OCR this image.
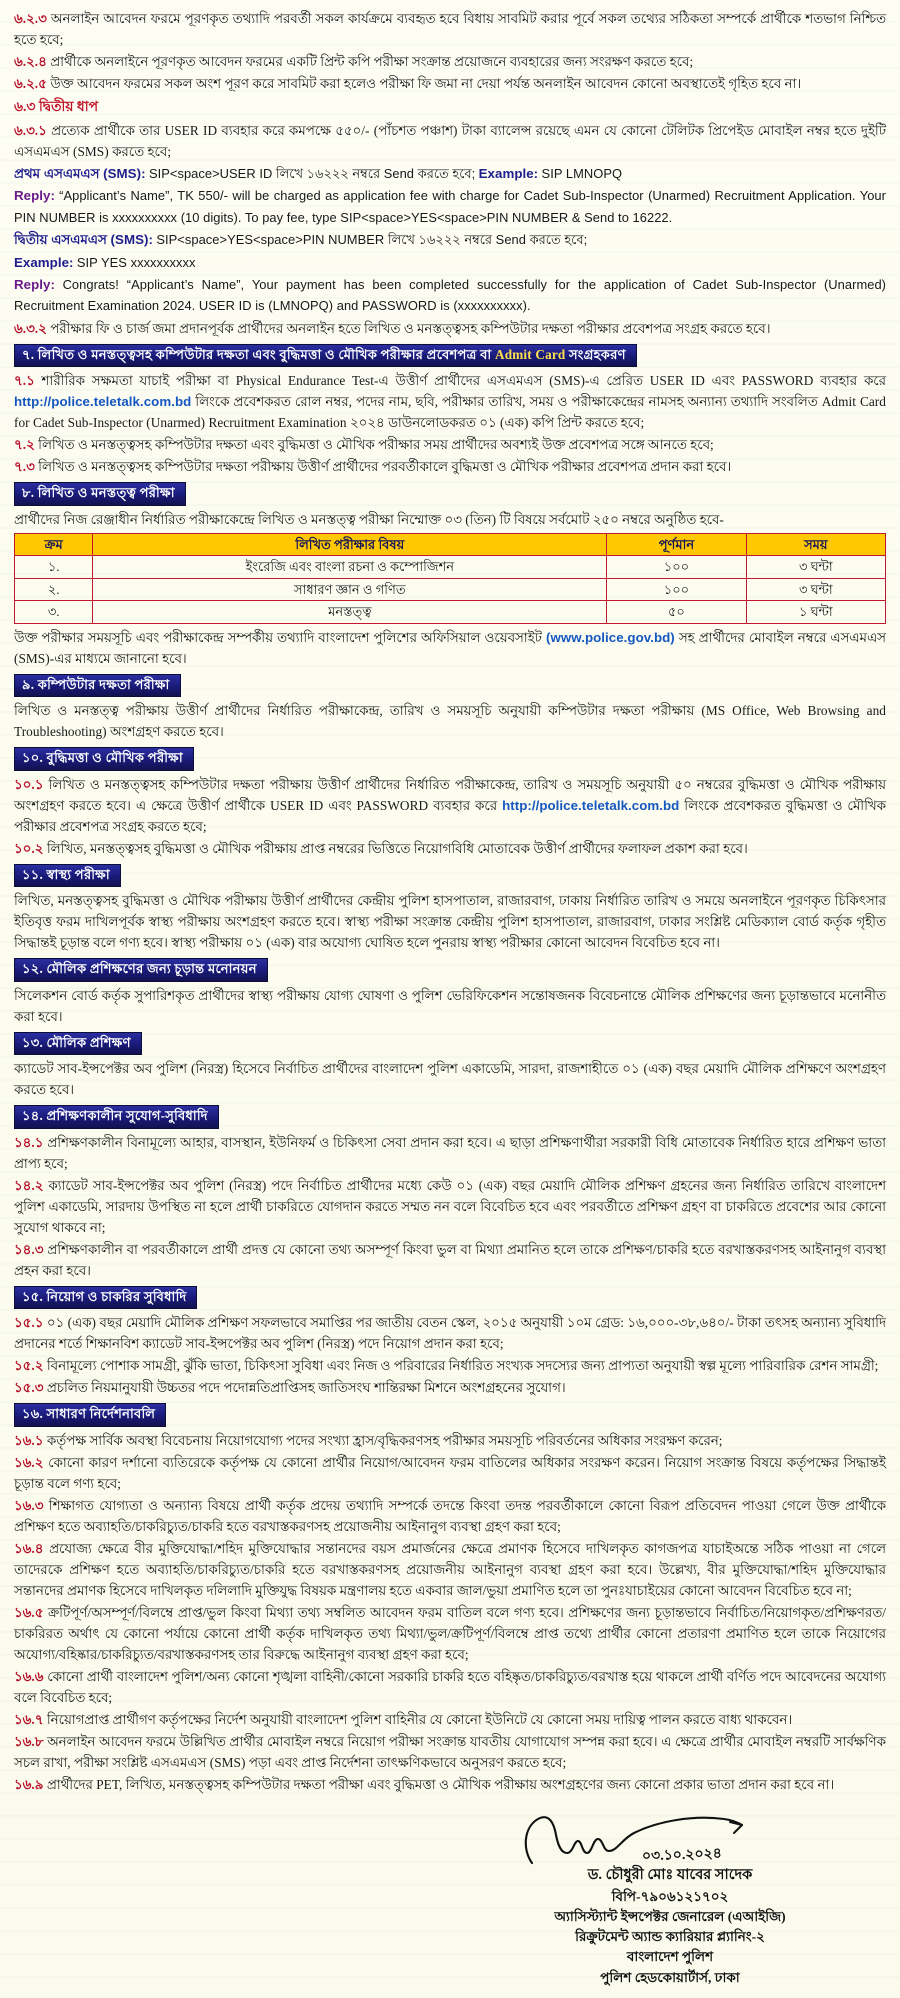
৬.২.৩ অনলাইন আবেদন ফরমে পূরণকৃত তথ্যাদি পরবর্তী সকল কার্যক্রমে ব্যবহৃত হবে বিধায় সাবমিট করার পূর্বে সকল তথ্যের সঠিকতা সম্পর্কে প্রার্থীকে শতভাগ নিশ্চিত হতে হবে;

৬.২.৪ প্রার্থীকে অনলাইনে পূরণকৃত আবেদন ফরমের একটি প্রিন্ট কপি পরীক্ষা সংক্রান্ত প্রয়োজনে ব্যবহারের জন্য সংরক্ষণ করতে হবে;

৬.২.৫ উক্ত আবেদন ফরমের সকল অংশ পূরণ করে সাবমিট করা হলেও পরীক্ষা ফি জমা না দেয়া পর্যন্ত অনলাইন আবেদন কোনো অবস্থাতেই গৃহিত হবে না।

৬.৩ দ্বিতীয় ধাপ

৬.৩.১ প্রত্যেক প্রার্থীকে তার USER ID ব্যবহার করে কমপক্ষে ৫৫০/- (পাঁচশত পঞ্চাশ) টাকা ব্যালেন্স রয়েছে এমন যে কোনো টেলিটক প্রিপেইড মোবাইল নম্বর হতে দুইটি এসএমএস (SMS) করতে হবে;

প্রথম এসএমএস (SMS): SIP<space>USER ID লিখে ১৬২২২ নম্বরে Send করতে হবে; Example: SIP LMNOPQ

Reply: “Applicant’s Name”, TK 550/- will be charged as application fee with charge for Cadet Sub-Inspector (Unarmed) Recruitment Application. Your PIN NUMBER is xxxxxxxxxx (10 digits). To pay fee, type SIP<space>YES<space>PIN NUMBER & Send to 16222.

দ্বিতীয় এসএমএস (SMS): SIP<space>YES<space>PIN NUMBER লিখে ১৬২২২ নম্বরে Send করতে হবে;

Example: SIP YES xxxxxxxxxx

Reply: Congrats! “Applicant’s Name”, Your payment has been completed successfully for the application of Cadet Sub-Inspector (Unarmed) Recruitment Examination 2024. USER ID is (LMNOPQ) and PASSWORD is (xxxxxxxxxx).

৬.৩.২ পরীক্ষার ফি ও চার্জ জমা প্রদানপূর্বক প্রার্থীদের অনলাইন হতে লিখিত ও মনস্তত্ত্বসহ কম্পিউটার দক্ষতা পরীক্ষার প্রবেশপত্র সংগ্রহ করতে হবে।

৭. লিখিত ও মনস্তত্ত্বসহ কম্পিউটার দক্ষতা এবং বুদ্ধিমত্তা ও মৌখিক পরীক্ষার প্রবেশপত্র বা Admit Card সংগ্রহকরণ

৭.১ শারীরিক সক্ষমতা যাচাই পরীক্ষা বা Physical Endurance Test-এ উত্তীর্ণ প্রার্থীদের এসএমএস (SMS)-এ প্রেরিত USER ID এবং PASSWORD ব্যবহার করে http://police.teletalk.com.bd লিংকে প্রবেশকরত রোল নম্বর, পদের নাম, ছবি, পরীক্ষার তারিখ, সময় ও পরীক্ষাকেন্দ্রের নামসহ অন্যান্য তথ্যাদি সংবলিত Admit Card for Cadet Sub-Inspector (Unarmed) Recruitment Examination ২০২৪ ডাউনলোডকরত ০১ (এক) কপি প্রিন্ট করতে হবে;

৭.২ লিখিত ও মনস্তত্ত্বসহ কম্পিউটার দক্ষতা এবং বুদ্ধিমত্তা ও মৌখিক পরীক্ষার সময় প্রার্থীদের অবশ্যই উক্ত প্রবেশপত্র সঙ্গে আনতে হবে;

৭.৩ লিখিত ও মনস্তত্ত্বসহ কম্পিউটার দক্ষতা পরীক্ষায় উত্তীর্ণ প্রার্থীদের পরবর্তীকালে বুদ্ধিমত্তা ও মৌখিক পরীক্ষার প্রবেশপত্র প্রদান করা হবে।

৮. লিখিত ও মনস্তত্ত্ব পরীক্ষা

প্রার্থীদের নিজ রেঞ্জাধীন নির্ধারিত পরীক্ষাকেন্দ্রে লিখিত ও মনস্তত্ত্ব পরীক্ষা নিম্মোক্ত ০৩ (তিন) টি বিষয়ে সর্বমোট ২৫০ নম্বরে অনুষ্ঠিত হবে-

ক্রম	লিখিত পরীক্ষার বিষয়	পূর্ণমান	সময়
১.	ইংরেজি এবং বাংলা রচনা ও কম্পোজিশন	১০০	৩ ঘন্টা
২.	সাধারণ জ্ঞান ও গণিত	১০০	৩ ঘন্টা
৩.	মনস্তত্ত্ব	৫০	১ ঘন্টা

উক্ত পরীক্ষার সময়সূচি এবং পরীক্ষাকেন্দ্র সম্পর্কীয় তথ্যাদি বাংলাদেশ পুলিশের অফিসিয়াল ওয়েবসাইট (www.police.gov.bd) সহ প্রার্থীদের মোবাইল নম্বরে এসএমএস (SMS)-এর মাধ্যমে জানানো হবে।

৯. কম্পিউটার দক্ষতা পরীক্ষা

লিখিত ও মনস্তত্ত্ব পরীক্ষায় উত্তীর্ণ প্রার্থীদের নির্ধারিত পরীক্ষাকেন্দ্র, তারিখ ও সময়সূচি অনুযায়ী কম্পিউটার দক্ষতা পরীক্ষায় (MS Office, Web Browsing and Troubleshooting) অংশগ্রহণ করতে হবে।

১০. বুদ্ধিমত্তা ও মৌখিক পরীক্ষা

১০.১ লিখিত ও মনস্তত্ত্বসহ কম্পিউটার দক্ষতা পরীক্ষায় উত্তীর্ণ প্রার্থীদের নির্ধারিত পরীক্ষাকেন্দ্র, তারিখ ও সময়সূচি অনুযায়ী ৫০ নম্বরের বুদ্ধিমত্তা ও মৌখিক পরীক্ষায় অংশগ্রহণ করতে হবে। এ ক্ষেত্রে উত্তীর্ণ প্রার্থীকে USER ID এবং PASSWORD ব্যবহার করে http://police.teletalk.com.bd লিংকে প্রবেশকরত বুদ্ধিমত্তা ও মৌখিক পরীক্ষার প্রবেশপত্র সংগ্রহ করতে হবে;

১০.২ লিখিত, মনস্তত্ত্বসহ বুদ্ধিমত্তা ও মৌখিক পরীক্ষায় প্রাপ্ত নম্বরের ভিত্তিতে নিয়োগবিধি মোতাবেক উত্তীর্ণ প্রার্থীদের ফলাফল প্রকাশ করা হবে।

১১. স্বাস্থ্য পরীক্ষা

লিখিত, মনস্তত্ত্বসহ বুদ্ধিমত্তা ও মৌখিক পরীক্ষায় উত্তীর্ণ প্রার্থীদের কেন্দ্রীয় পুলিশ হাসপাতাল, রাজারবাগ, ঢাকায় নির্ধারিত তারিখ ও সময়ে অনলাইনে পূরণকৃত চিকিৎসার ইতিবৃত্ত ফরম দাখিলপূর্বক স্বাস্থ্য পরীক্ষায় অংশগ্রহণ করতে হবে। স্বাস্থ্য পরীক্ষা সংক্রান্ত কেন্দ্রীয় পুলিশ হাসপাতাল, রাজারবাগ, ঢাকার সংশ্লিষ্ট মেডিক্যাল বোর্ড কর্তৃক গৃহীত সিদ্ধান্তই চূড়ান্ত বলে গণ্য হবে। স্বাস্থ্য পরীক্ষায় ০১ (এক) বার অযোগ্য ঘোষিত হলে পুনরায় স্বাস্থ্য পরীক্ষার কোনো আবেদন বিবেচিত হবে না।

১২. মৌলিক প্রশিক্ষণের জন্য চূড়ান্ত মনোনয়ন

সিলেকশন বোর্ড কর্তৃক সুপারিশকৃত প্রার্থীদের স্বাস্থ্য পরীক্ষায় যোগ্য ঘোষণা ও পুলিশ ভেরিফিকেশন সন্তোষজনক বিবেচনান্তে মৌলিক প্রশিক্ষণের জন্য চূড়ান্তভাবে মনোনীত করা হবে।

১৩. মৌলিক প্রশিক্ষণ

ক্যাডেট সাব-ইন্সপেক্টর অব পুলিশ (নিরস্ত্র) হিসেবে নির্বাচিত প্রার্থীদের বাংলাদেশ পুলিশ একাডেমি, সারদা, রাজশাহীতে ০১ (এক) বছর মেয়াদি মৌলিক প্রশিক্ষণে অংশগ্রহণ করতে হবে।

১৪. প্রশিক্ষণকালীন সুযোগ-সুবিধাদি

১৪.১ প্রশিক্ষণকালীন বিনামূল্যে আহার, বাসস্থান, ইউনিফর্ম ও চিকিৎসা সেবা প্রদান করা হবে। এ ছাড়া প্রশিক্ষণার্থীরা সরকারী বিধি মোতাবেক নির্ধারিত হারে প্রশিক্ষণ ভাতা প্রাপ্য হবে;

১৪.২ ক্যাডেট সাব-ইন্সপেক্টর অব পুলিশ (নিরস্ত্র) পদে নির্বাচিত প্রার্থীদের মধ্যে কেউ ০১ (এক) বছর মেয়াদি মৌলিক প্রশিক্ষণ গ্রহনের জন্য নির্ধারিত তারিখে বাংলাদেশ পুলিশ একাডেমি, সারদায় উপস্থিত না হলে প্রার্থী চাকরিতে যোগদান করতে সম্মত নন বলে বিবেচিত হবে এবং পরবর্তীতে প্রশিক্ষণ গ্রহণ বা চাকরিতে প্রবেশের আর কোনো সুযোগ থাকবে না;

১৪.৩ প্রশিক্ষণকালীন বা পরবর্তীকালে প্রার্থী প্রদত্ত যে কোনো তথ্য অসম্পূর্ণ কিংবা ভুল বা মিথ্যা প্রমানিত হলে তাকে প্রশিক্ষণ/চাকরি হতে বরখাস্তকরণসহ আইনানুগ ব্যবস্থা প্রহন করা হবে।

১৫. নিয়োগ ও চাকরির সুবিধাদি

১৫.১ ০১ (এক) বছর মেয়াদি মৌলিক প্রশিক্ষণ সফলভাবে সমাপ্তির পর জাতীয় বেতন স্কেল, ২০১৫ অনুযায়ী ১০ম গ্রেড: ১৬,০০০-৩৮,৬৪০/- টাকা তৎসহ অন্যান্য সুবিধাদি প্রদানের শর্তে শিক্ষানবিশ ক্যাডেট সাব-ইন্সপেক্টর অব পুলিশ (নিরস্ত্র) পদে নিয়োগ প্রদান করা হবে;

১৫.২ বিনামূল্যে পোশাক সামগ্রী, ঝুঁকি ভাতা, চিকিৎসা সুবিধা এবং নিজ ও পরিবারের নির্ধারিত সংখ্যক সদস্যের জন্য প্রাপ্যতা অনুযায়ী স্বল্প মূল্যে পারিবারিক রেশন সামগ্রী;

১৫.৩ প্রচলিত নিয়মানুযায়ী উচ্চতর পদে পদোন্নতিপ্রাপ্তিসহ জাতিসংঘ শান্তিরক্ষা মিশনে অংশগ্রহনের সুযোগ।

১৬. সাধারণ নির্দেশনাবলি

১৬.১ কর্তৃপক্ষ সার্বিক অবস্থা বিবেচনায় নিয়োগযোগ্য পদের সংখ্যা হ্রাস/বৃদ্ধিকরণসহ পরীক্ষার সময়সূচি পরিবর্তনের অধিকার সংরক্ষণ করেন;

১৬.২ কোনো কারণ দর্শানো ব্যতিরেকে কর্তৃপক্ষ যে কোনো প্রার্থীর নিয়োগ/আবেদন ফরম বাতিলের অধিকার সংরক্ষণ করেন। নিয়োগ সংক্রান্ত বিষয়ে কর্তৃপক্ষের সিদ্ধান্তই চূড়ান্ত বলে গণ্য হবে;

১৬.৩ শিক্ষাগত যোগ্যতা ও অন্যান্য বিষয়ে প্রার্থী কর্তৃক প্রদেয় তথ্যাদি সম্পর্কে তদন্তে কিংবা তদন্ত পরবর্তীকালে কোনো বিরূপ প্রতিবেদন পাওয়া গেলে উক্ত প্রার্থীকে প্রশিক্ষণ হতে অব্যাহতি/চাকরিচ্যুত/চাকরি হতে বরখাস্তকরণসহ প্রয়োজনীয় আইনানুগ ব্যবস্থা গ্রহণ করা হবে;

১৬.৪ প্রযোজ্য ক্ষেত্রে বীর মুক্তিযোদ্ধা/শহিদ মুক্তিযোদ্ধার সন্তানদের বয়স প্রমার্জনের ক্ষেত্রে প্রমাণক হিসেবে দাখিলকৃত কাগজপত্র যাচাইঅন্তে সঠিক পাওয়া না গেলে তাদেরকে প্রশিক্ষণ হতে অব্যাহতি/চাকরিচ্যুত/চাকরি হতে বরখাস্তকরণসহ প্রয়োজনীয় আইনানুগ ব্যবস্থা গ্রহণ করা হবে। উল্লেখ্য, বীর মুক্তিযোদ্ধা/শহিদ মুক্তিযোদ্ধার সন্তানদের প্রমাণক হিসেবে দাখিলকৃত দলিলাদি মুক্তিযুদ্ধ বিষয়ক মন্ত্রণালয় হতে একবার জাল/ভুয়া প্রমাণিত হলে তা পুনঃযাচাইয়ের কোনো আবেদন বিবেচিত হবে না;

১৬.৫ ক্রটিপূর্ণ/অসম্পূর্ণ/বিলম্বে প্রাপ্ত/ভুল কিংবা মিথ্যা তথ্য সম্বলিত আবেদন ফরম বাতিল বলে গণ্য হবে। প্রশিক্ষণের জন্য চূড়ান্তভাবে নির্বাচিত/নিয়োগকৃত/প্রশিক্ষণরত/চাকরিরত অর্থাৎ যে কোনো পর্যায়ে কোনো প্রার্থী কর্তৃক দাখিলকৃত তথ্য মিথ্যা/ভুল/ক্রটিপূর্ণ/বিলম্বে প্রাপ্ত তথ্যে প্রার্থীর কোনো প্রতারণা প্রমাণিত হলে তাকে নিয়োগের অযোগ্য/বহিষ্কার/চাকরিচ্যুত/বরখাস্তকরণসহ তার বিরুদ্ধে আইনানুগ ব্যবস্থা গ্রহণ করা হবে;

১৬.৬ কোনো প্রার্থী বাংলাদেশ পুলিশ/অন্য কোনো শৃঙ্খলা বাহিনী/কোনো সরকারি চাকরি হতে বহিষ্কৃত/চাকরিচ্যুত/বরখাস্ত হয়ে থাকলে প্রার্থী বর্ণিত পদে আবেদনের অযোগ্য বলে বিবেচিত হবে;

১৬.৭ নিয়োগপ্রাপ্ত প্রার্থীগণ কর্তৃপক্ষের নির্দেশ অনুযায়ী বাংলাদেশ পুলিশ বাহিনীর যে কোনো ইউনিটে যে কোনো সময় দায়িত্ব পালন করতে বাধ্য থাকবেন।

১৬.৮ অনলাইন আবেদন ফরমে উল্লিখিত প্রার্থীর মোবাইল নম্বরে নিয়োগ পরীক্ষা সংক্রান্ত যাবতীয় যোগাযোগ সম্পন্ন করা হবে। এ ক্ষেত্রে প্রার্থীর মোবাইল নম্বরটি সার্বক্ষণিক সচল রাখা, পরীক্ষা সংশ্লিষ্ট এসএমএস (SMS) পড়া এবং প্রাপ্ত নির্দেশনা তাৎক্ষণিকভাবে অনুসরণ করতে হবে;

১৬.৯ প্রার্থীদের PET, লিখিত, মনস্তত্ত্বসহ কম্পিউটার দক্ষতা পরীক্ষা এবং বুদ্ধিমত্তা ও মৌখিক পরীক্ষায় অংশগ্রহণের জন্য কোনো প্রকার ভাতা প্রদান করা হবে না।

০৩.১০.২০২৪
ড. চৌধুরী মোঃ যাবের সাদেক
বিপি-৭৯০৬১২১৭০২
অ্যাসিস্ট্যান্ট ইন্সপেক্টর জেনারেল (এআইজি)
রিক্রুটমেন্ট অ্যান্ড ক্যারিয়ার প্ল্যানিং-২
বাংলাদেশ পুলিশ
পুলিশ হেডকোয়ার্টার্স, ঢাকা
